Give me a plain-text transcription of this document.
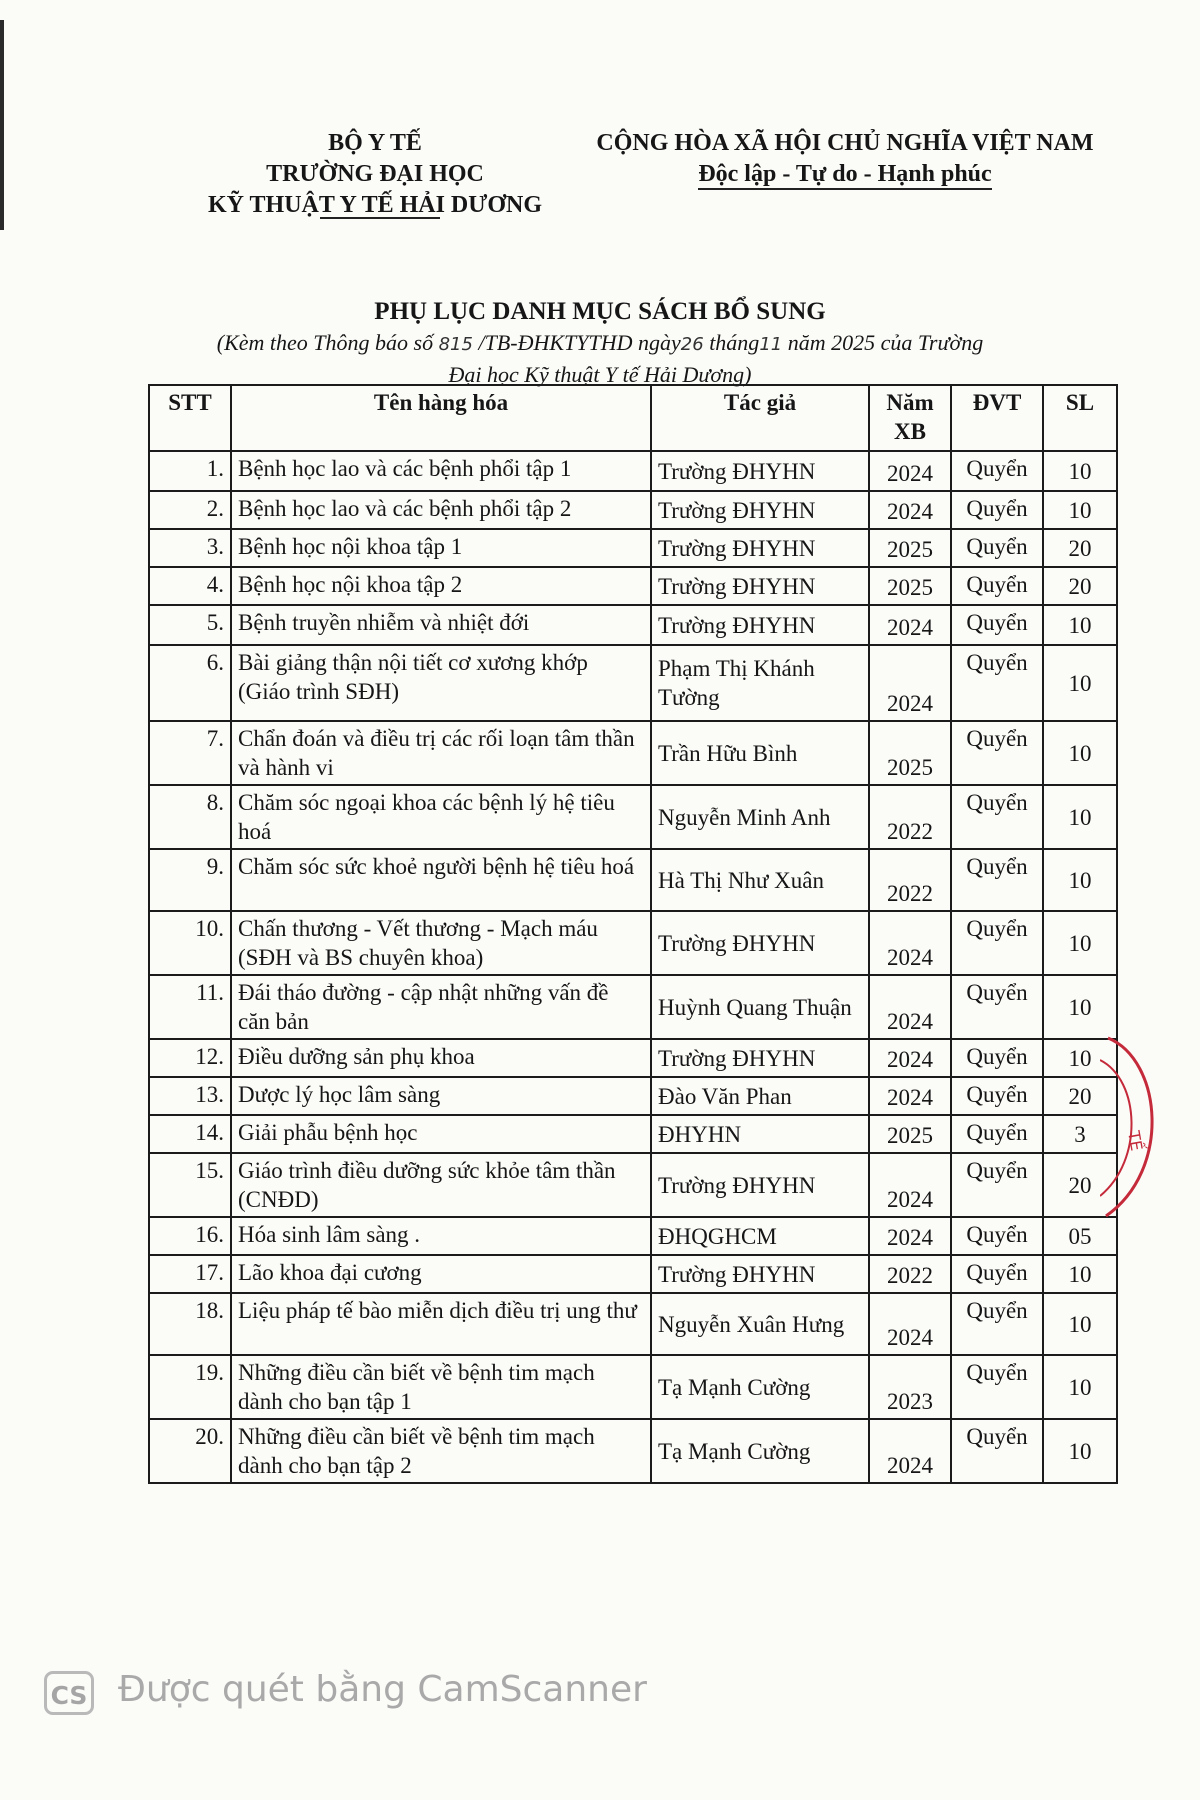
BỘ Y TẾ
TRƯỜNG ĐẠI HỌC
KỸ THUẬT Y TẾ HẢI DƯƠNG
CỘNG HÒA XÃ HỘI CHỦ NGHĨA VIỆT NAM
Độc lập - Tự do - Hạnh phúc
PHỤ LỤC DANH MỤC SÁCH BỔ SUNG
(Kèm theo Thông báo số 815 /TB-ĐHKTYTHD ngày26 tháng11 năm 2025 của Trường
Đại học Kỹ thuật Y tế Hải Dương)
STT	Tên hàng hóa	Tác giả	Năm XB	ĐVT	SL
1.	Bệnh học lao và các bệnh phổi tập 1	Trường ĐHYHN	2024	Quyển	10
2.	Bệnh học lao và các bệnh phổi tập 2	Trường ĐHYHN	2024	Quyển	10
3.	Bệnh học nội khoa tập 1	Trường ĐHYHN	2025	Quyển	20
4.	Bệnh học nội khoa tập 2	Trường ĐHYHN	2025	Quyển	20
5.	Bệnh truyền nhiễm và nhiệt đới	Trường ĐHYHN	2024	Quyển	10
6.	Bài giảng thận nội tiết cơ xương khớp (Giáo trình SĐH)	Phạm Thị Khánh Tường	2024	Quyển	10
7.	Chẩn đoán và điều trị các rối loạn tâm thần và hành vi	Trần Hữu Bình	2025	Quyển	10
8.	Chăm sóc ngoại khoa các bệnh lý hệ tiêu hoá	Nguyễn Minh Anh	2022	Quyển	10
9.	Chăm sóc sức khoẻ người bệnh hệ tiêu hoá	Hà Thị Như Xuân	2022	Quyển	10
10.	Chấn thương - Vết thương - Mạch máu (SĐH và BS chuyên khoa)	Trường ĐHYHN	2024	Quyển	10
11.	Đái tháo đường - cập nhật những vấn đề căn bản	Huỳnh Quang Thuận	2024	Quyển	10
12.	Điều dưỡng sản phụ khoa	Trường ĐHYHN	2024	Quyển	10
13.	Dược lý học lâm sàng	Đào Văn Phan	2024	Quyển	20
14.	Giải phẫu bệnh học	ĐHYHN	2025	Quyển	3
15.	Giáo trình điều dưỡng sức khỏe tâm thần (CNĐD)	Trường ĐHYHN	2024	Quyển	20
16.	Hóa sinh lâm sàng .	ĐHQGHCM	2024	Quyển	05
17.	Lão khoa đại cương	Trường ĐHYHN	2022	Quyển	10
18.	Liệu pháp tế bào miễn dịch điều trị ung thư	Nguyễn Xuân Hưng	2024	Quyển	10
19.	Những điều cần biết về bệnh tim mạch dành cho bạn tập 1	Tạ Mạnh Cường	2023	Quyển	10
20.	Những điều cần biết về bệnh tim mạch dành cho bạn tập 2	Tạ Mạnh Cường	2024	Quyển	10
TẾ
CS Được quét bằng CamScanner
